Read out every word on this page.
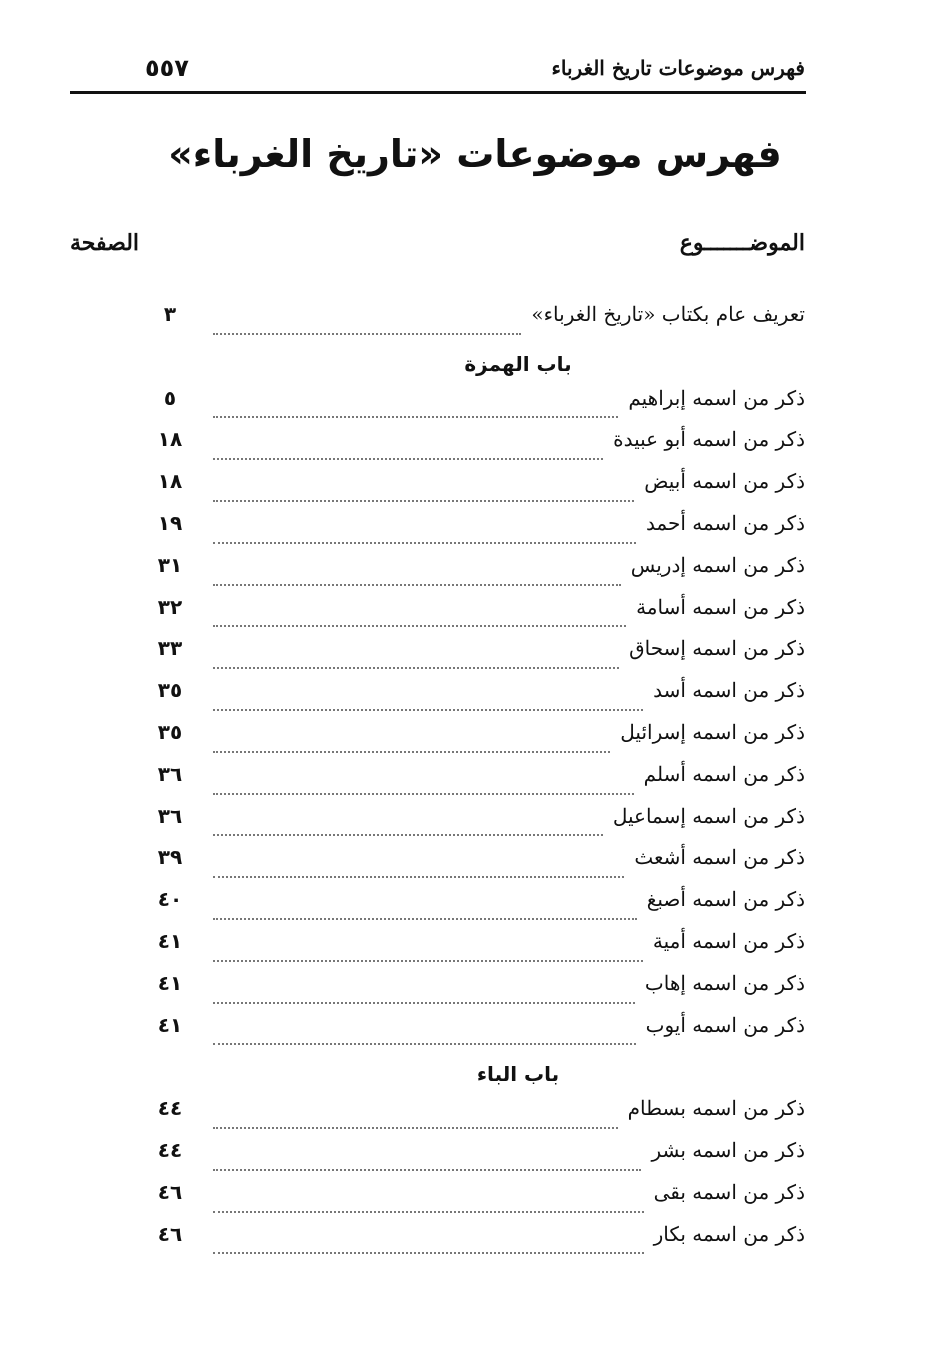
فهرس موضوعات تاريخ الغرباء
٥٥٧
فهرس موضوعات «تاريخ الغرباء»
الموضـــــــوع
الصفحة
تعريف عام بكتاب «تاريخ الغرباء»
٣
باب الهمزة
ذكر من اسمه إبراهيم
٥
ذكر من اسمه أبو عبيدة
١٨
ذكر من اسمه أبيض
١٨
ذكر من اسمه أحمد
١٩
ذكر من اسمه إدريس
٣١
ذكر من اسمه أسامة
٣٢
ذكر من اسمه إسحاق
٣٣
ذكر من اسمه أسد
٣٥
ذكر من اسمه إسرائيل
٣٥
ذكر من اسمه أسلم
٣٦
ذكر من اسمه إسماعيل
٣٦
ذكر من اسمه أشعث
٣٩
ذكر من اسمه أصبغ
٤٠
ذكر من اسمه أمية
٤١
ذكر من اسمه إهاب
٤١
ذكر من اسمه أيوب
٤١
باب الباء
ذكر من اسمه بسطام
٤٤
ذكر من اسمه بشر
٤٤
ذكر من اسمه بقى
٤٦
ذكر من اسمه بكار
٤٦
